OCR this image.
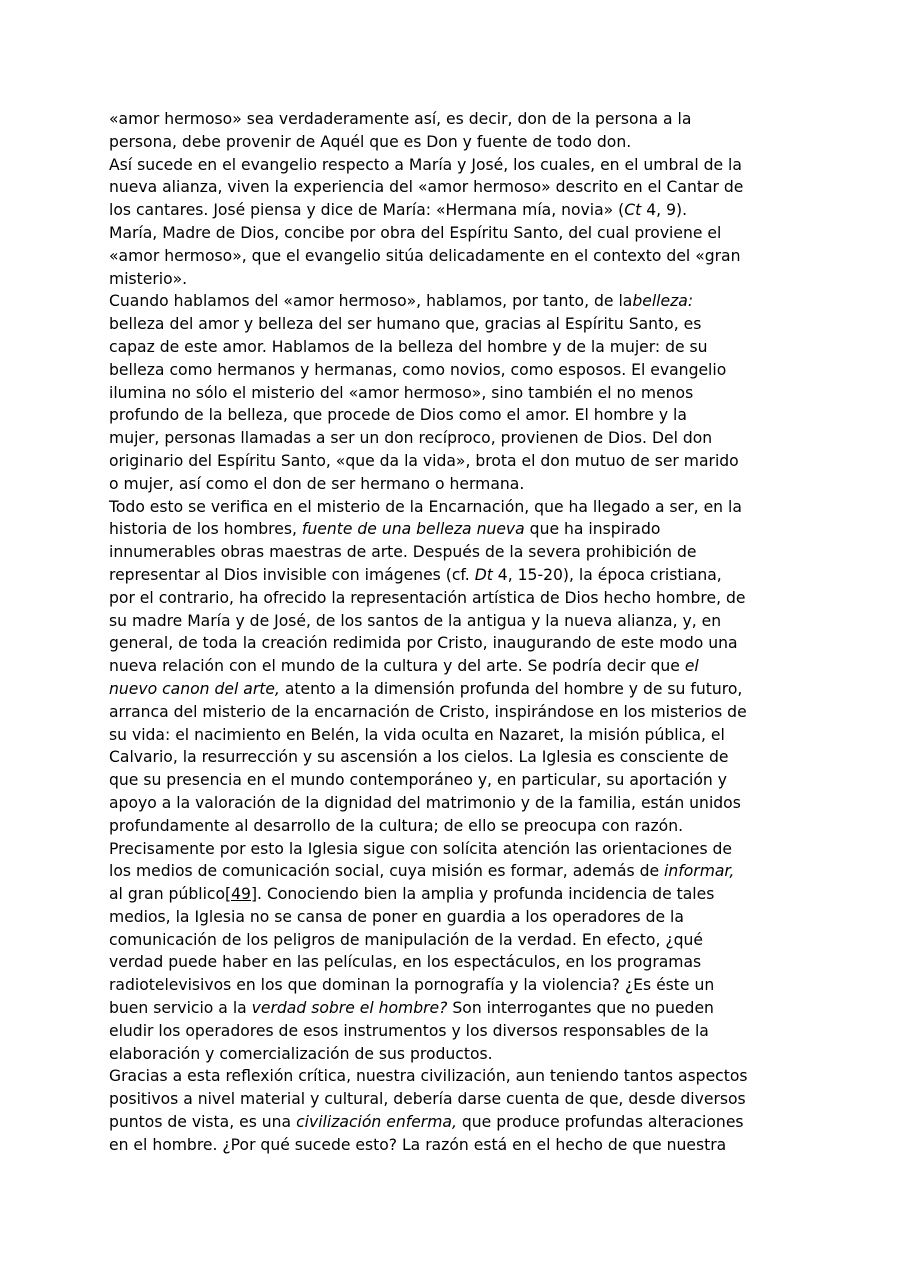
«amor hermoso» sea verdaderamente así, es decir, don de la persona a la
persona, debe provenir de Aquél que es Don y fuente de todo don.
Así sucede en el evangelio respecto a María y José, los cuales, en el umbral de la
nueva alianza, viven la experiencia del «amor hermoso» descrito en el Cantar de
los cantares. José piensa y dice de María: «Hermana mía, novia» (Ct 4, 9).
María, Madre de Dios, concibe por obra del Espíritu Santo, del cual proviene el
«amor hermoso», que el evangelio sitúa delicadamente en el contexto del «gran
misterio».
Cuando hablamos del «amor hermoso», hablamos, por tanto, de labelleza:
belleza del amor y belleza del ser humano que, gracias al Espíritu Santo, es
capaz de este amor. Hablamos de la belleza del hombre y de la mujer: de su
belleza como hermanos y hermanas, como novios, como esposos. El evangelio
ilumina no sólo el misterio del «amor hermoso», sino también el no menos
profundo de la belleza, que procede de Dios como el amor. El hombre y la
mujer, personas llamadas a ser un don recíproco, provienen de Dios. Del don
originario del Espíritu Santo, «que da la vida», brota el don mutuo de ser marido
o mujer, así como el don de ser hermano o hermana.
Todo esto se verifica en el misterio de la Encarnación, que ha llegado a ser, en la
historia de los hombres, fuente de una belleza nueva que ha inspirado
innumerables obras maestras de arte. Después de la severa prohibición de
representar al Dios invisible con imágenes (cf. Dt 4, 15-20), la época cristiana,
por el contrario, ha ofrecido la representación artística de Dios hecho hombre, de
su madre María y de José, de los santos de la antigua y la nueva alianza, y, en
general, de toda la creación redimida por Cristo, inaugurando de este modo una
nueva relación con el mundo de la cultura y del arte. Se podría decir que el
nuevo canon del arte, atento a la dimensión profunda del hombre y de su futuro,
arranca del misterio de la encarnación de Cristo, inspirándose en los misterios de
su vida: el nacimiento en Belén, la vida oculta en Nazaret, la misión pública, el
Calvario, la resurrección y su ascensión a los cielos. La Iglesia es consciente de
que su presencia en el mundo contemporáneo y, en particular, su aportación y
apoyo a la valoración de la dignidad del matrimonio y de la familia, están unidos
profundamente al desarrollo de la cultura; de ello se preocupa con razón.
Precisamente por esto la Iglesia sigue con solícita atención las orientaciones de
los medios de comunicación social, cuya misión es formar, además de informar,
al gran público[49]. Conociendo bien la amplia y profunda incidencia de tales
medios, la Iglesia no se cansa de poner en guardia a los operadores de la
comunicación de los peligros de manipulación de la verdad. En efecto, ¿qué
verdad puede haber en las películas, en los espectáculos, en los programas
radiotelevisivos en los que dominan la pornografía y la violencia? ¿Es éste un
buen servicio a la verdad sobre el hombre? Son interrogantes que no pueden
eludir los operadores de esos instrumentos y los diversos responsables de la
elaboración y comercialización de sus productos.
Gracias a esta reflexión crítica, nuestra civilización, aun teniendo tantos aspectos
positivos a nivel material y cultural, debería darse cuenta de que, desde diversos
puntos de vista, es una civilización enferma, que produce profundas alteraciones
en el hombre. ¿Por qué sucede esto? La razón está en el hecho de que nuestra
